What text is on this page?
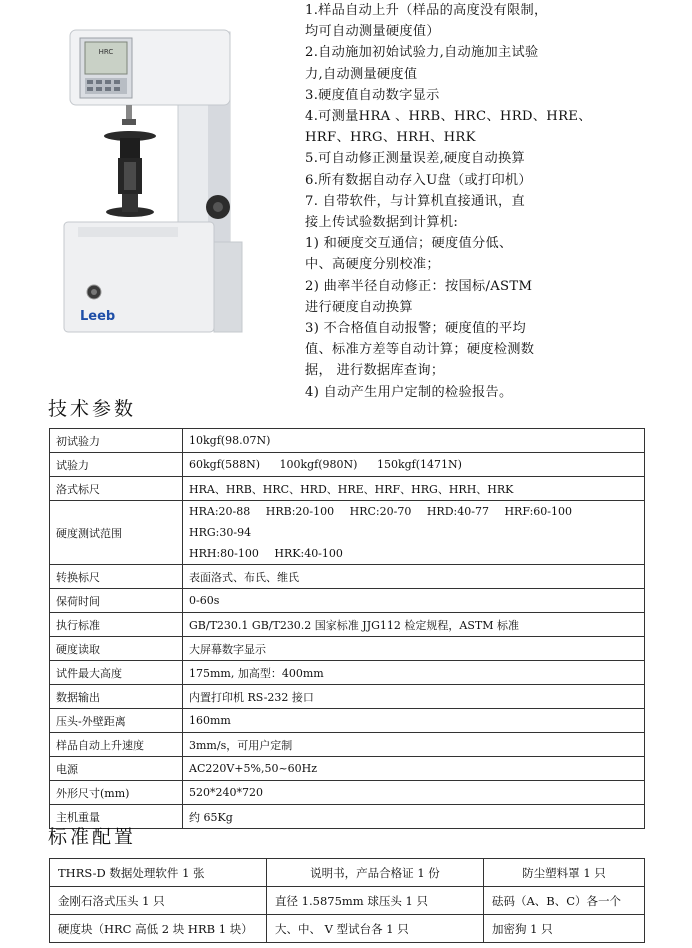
HRC
Leeb
1.样品自动上升（样品的高度没有限制，
均可自动测量硬度值）
2.自动施加初始试验力,自动施加主试验
力,自动测量硬度值
3.硬度值自动数字显示
4.可测量HRA 、HRB、HRC、HRD、HRE、
HRF、HRG、HRH、HRK
5.可自动修正测量误差,硬度自动换算
6.所有数据自动存入U盘（或打印机）
7. 自带软件，与计算机直接通讯，直
接上传试验数据到计算机:
1) 和硬度交互通信；硬度值分低、
中、高硬度分别校准；
2) 曲率半径自动修正：按国标/ASTM
进行硬度自动换算
3) 不合格值自动报警；硬度值的平均
值、标准方差等自动计算；硬度检测数
据， 进行数据库查询；
4) 自动产生用户定制的检验报告。
技术参数
初试验力	10kgf(98.07N)
试验力	60kgf(588N) 100kgf(980N) 150kgf(1471N)
洛式标尺	HRA、HRB、HRC、HRD、HRE、HRF、HRG、HRH、HRK
硬度测试范围	HRA:20-88 HRB:20-100 HRC:20-70 HRD:40-77 HRF:60-100 HRG:30-94
HRH:80-100 HRK:40-100
转换标尺	表面洛式、布氏、维氏
保荷时间	0-60s
执行标准	GB/T230.1 GB/T230.2 国家标准 JJG112 检定规程，ASTM 标准
硬度读取	大屏幕数字显示
试件最大高度	175mm, 加高型：400mm
数据输出	内置打印机 RS-232 接口
压头-外壁距离	160mm
样品自动上升速度	3mm/s，可用户定制
电源	AC220V+5%,50~60Hz
外形尺寸(mm)	520*240*720
主机重量	约 65Kg
标准配置
THRS-D 数据处理软件 1 张	说明书，产品合格证 1 份	防尘塑料罩 1 只
金刚石洛式压头 1 只	直径 1.5875mm 球压头 1 只	砝码（A、B、C）各一个
硬度块（HRC 高低 2 块 HRB 1 块）	大、中、 V 型试台各 1 只	加密狗 1 只
